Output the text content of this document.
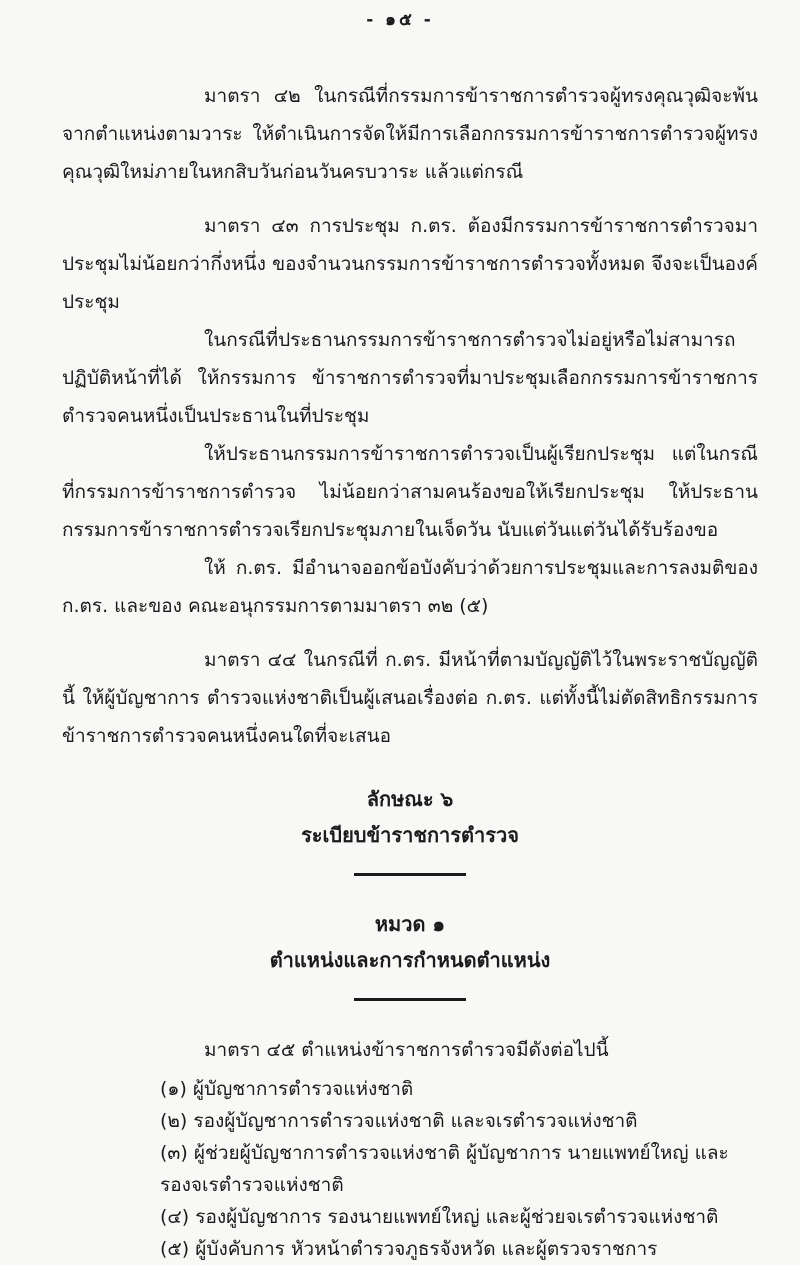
- ๑๕ -

มาตรา ๔๒ ในกรณีที่กรรมการข้าราชการตำรวจผู้ทรงคุณวุฒิจะพ้นจากตำแหน่งตามวาระ ให้ดำเนินการจัดให้มีการเลือกกรรมการข้าราชการตำรวจผู้ทรงคุณวุฒิใหม่ภายในหกสิบวันก่อนวันครบวาระ แล้วแต่กรณี

มาตรา ๔๓ การประชุม ก.ตร. ต้องมีกรรมการข้าราชการตำรวจมาประชุมไม่น้อยกว่ากึ่งหนึ่ง ของจำนวนกรรมการข้าราชการตำรวจทั้งหมด จึงจะเป็นองค์ประชุม

ในกรณีที่ประธานกรรมการข้าราชการตำรวจไม่อยู่หรือไม่สามารถปฏิบัติหน้าที่ได้ ให้กรรมการ ข้าราชการตำรวจที่มาประชุมเลือกกรรมการข้าราชการตำรวจคนหนึ่งเป็นประธานในที่ประชุม

ให้ประธานกรรมการข้าราชการตำรวจเป็นผู้เรียกประชุม แต่ในกรณีที่กรรมการข้าราชการตำรวจ ไม่น้อยกว่าสามคนร้องขอให้เรียกประชุม ให้ประธานกรรมการข้าราชการตำรวจเรียกประชุมภายในเจ็ดวัน นับแต่วันแต่วันได้รับร้องขอ

ให้ ก.ตร. มีอำนาจออกข้อบังคับว่าด้วยการประชุมและการลงมติของ ก.ตร. และของ คณะอนุกรรมการตามมาตรา ๓๒ (๕)

มาตรา ๔๔ ในกรณีที่ ก.ตร. มีหน้าที่ตามบัญญัติไว้ในพระราชบัญญัตินี้ ให้ผู้บัญชาการ ตำรวจแห่งชาติเป็นผู้เสนอเรื่องต่อ ก.ตร. แต่ทั้งนี้ไม่ตัดสิทธิกรรมการข้าราชการตำรวจคนหนึ่งคนใดที่จะเสนอ

ลักษณะ ๖
ระเบียบข้าราชการตำรวจ
หมวด ๑
ตำแหน่งและการกำหนดตำแหน่ง

มาตรา ๔๕ ตำแหน่งข้าราชการตำรวจมีดังต่อไปนี้

(๑) ผู้บัญชาการตำรวจแห่งชาติ

(๒) รองผู้บัญชาการตำรวจแห่งชาติ และจเรตำรวจแห่งชาติ

(๓) ผู้ช่วยผู้บัญชาการตำรวจแห่งชาติ ผู้บัญชาการ นายแพทย์ใหญ่ และรองจเรตำรวจแห่งชาติ

(๔) รองผู้บัญชาการ รองนายแพทย์ใหญ่ และผู้ช่วยจเรตำรวจแห่งชาติ

(๕) ผู้บังคับการ หัวหน้าตำรวจภูธรจังหวัด และผู้ตรวจราชการ
